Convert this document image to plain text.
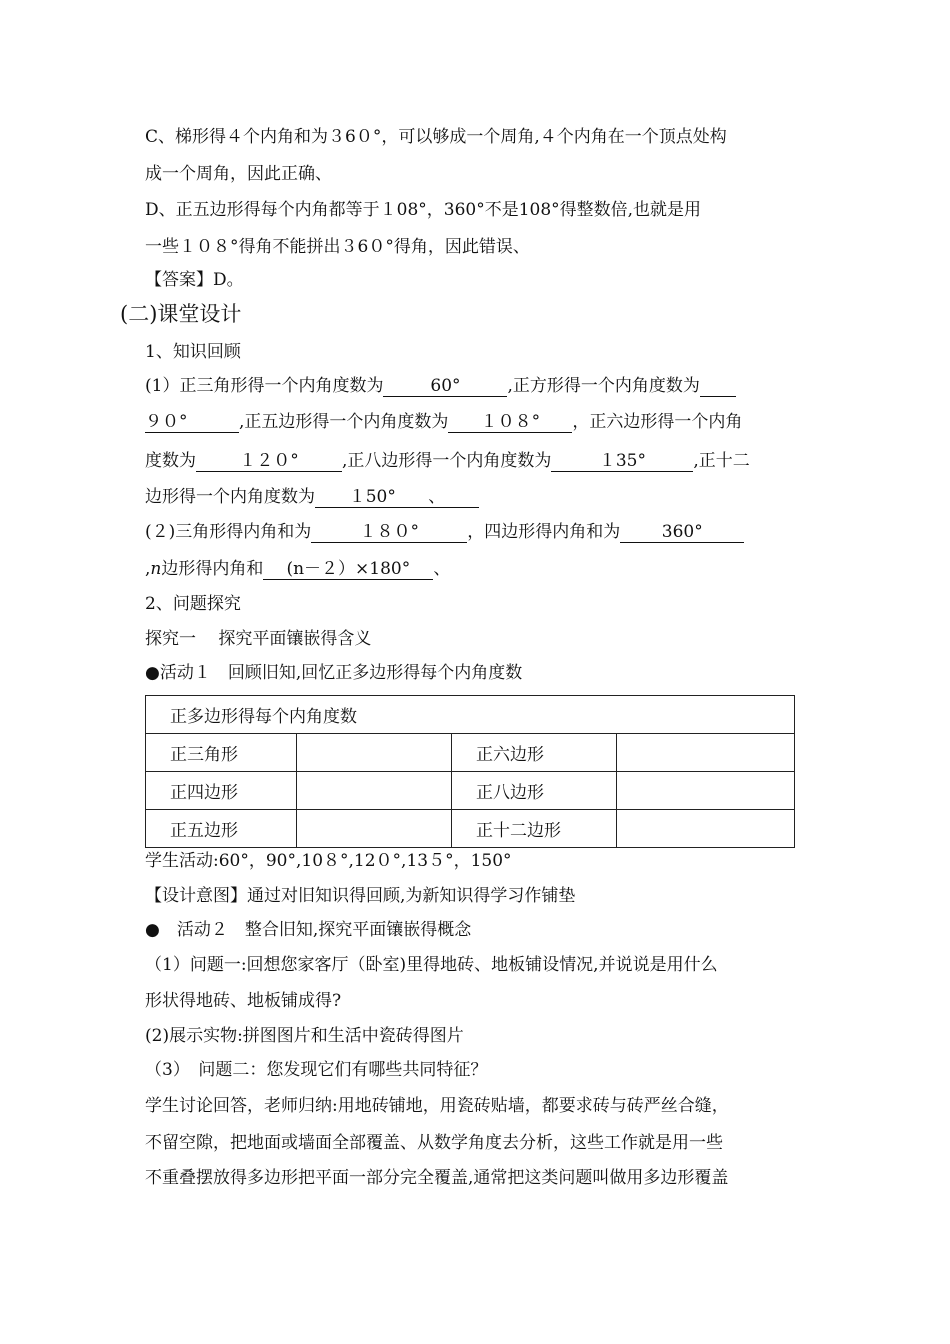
C、梯形得４个内角和为３6０°，可以够成一个周角,４个内角在一个顶点处构
成一个周角，因此正确、
D、正五边形得每个内角都等于１08°，360°不是108°得整数倍,也就是用
一些１０８°得角不能拼出３6０°得角，因此错误、
【答案】D。
(二)课堂设计
1、知识回顾
(1）正三角形得一个内角度数为	60°	,正方形得一个内角度数为
９０°	,正五边形得一个内角度数为 １０８° ，正六边形得一个内角
度数为	１２０°	,正八边形得一个内角度数为	１35°	,正十二
边形得一个内角度数为 １50° 、
(２)三角形得内角和为	１８０°	，四边形得内角和为 360°
,n边形得内角和 (n－２）×180° 、
2、问题探究
探究一　 探究平面镶嵌得含义
●活动１　回顾旧知,回忆正多边形得每个内角度数
正多边形得每个内角度数			
正三角形		正六边形	
正四边形		正八边形	
正五边形		正十二边形	
学生活动:60°，90°,10８°,12０°,13５°，150°
【设计意图】通过对旧知识得回顾,为新知识得学习作铺垫
●　活动２　整合旧知,探究平面镶嵌得概念
（1）问题一:回想您家客厅（卧室)里得地砖、地板铺设情况,并说说是用什么
形状得地砖、地板铺成得?
(2)展示实物:拼图图片和生活中瓷砖得图片
（3）　问题二：您发现它们有哪些共同特征？
学生讨论回答，老师归纳:用地砖铺地，用瓷砖贴墙，都要求砖与砖严丝合缝，
不留空隙，把地面或墙面全部覆盖、从数学角度去分析，这些工作就是用一些
不重叠摆放得多边形把平面一部分完全覆盖,通常把这类问题叫做用多边形覆盖
